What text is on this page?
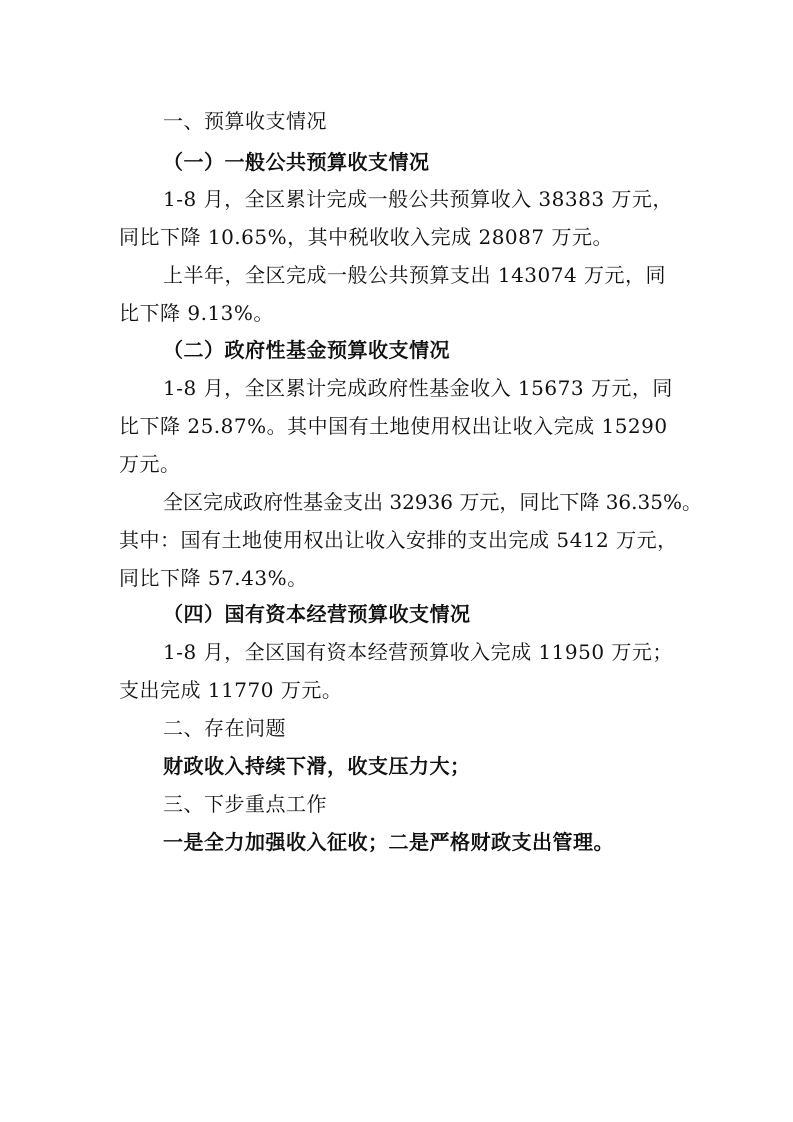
一、预算收支情况
（一）一般公共预算收支情况
1-8 月，全区累计完成一般公共预算收入 38383 万元，
同比下降 10.65%，其中税收收入完成 28087 万元。
上半年，全区完成一般公共预算支出 143074 万元，同
比下降 9.13%。
（二）政府性基金预算收支情况
1-8 月，全区累计完成政府性基金收入 15673 万元，同
比下降 25.87%。其中国有土地使用权出让收入完成 15290
万元。
全区完成政府性基金支出 32936 万元，同比下降 36.35%。
其中：国有土地使用权出让收入安排的支出完成 5412 万元，
同比下降 57.43%。
（四）国有资本经营预算收支情况
1-8 月，全区国有资本经营预算收入完成 11950 万元；
支出完成 11770 万元。
二、存在问题
财政收入持续下滑，收支压力大；
三、下步重点工作
一是全力加强收入征收；二是严格财政支出管理。
